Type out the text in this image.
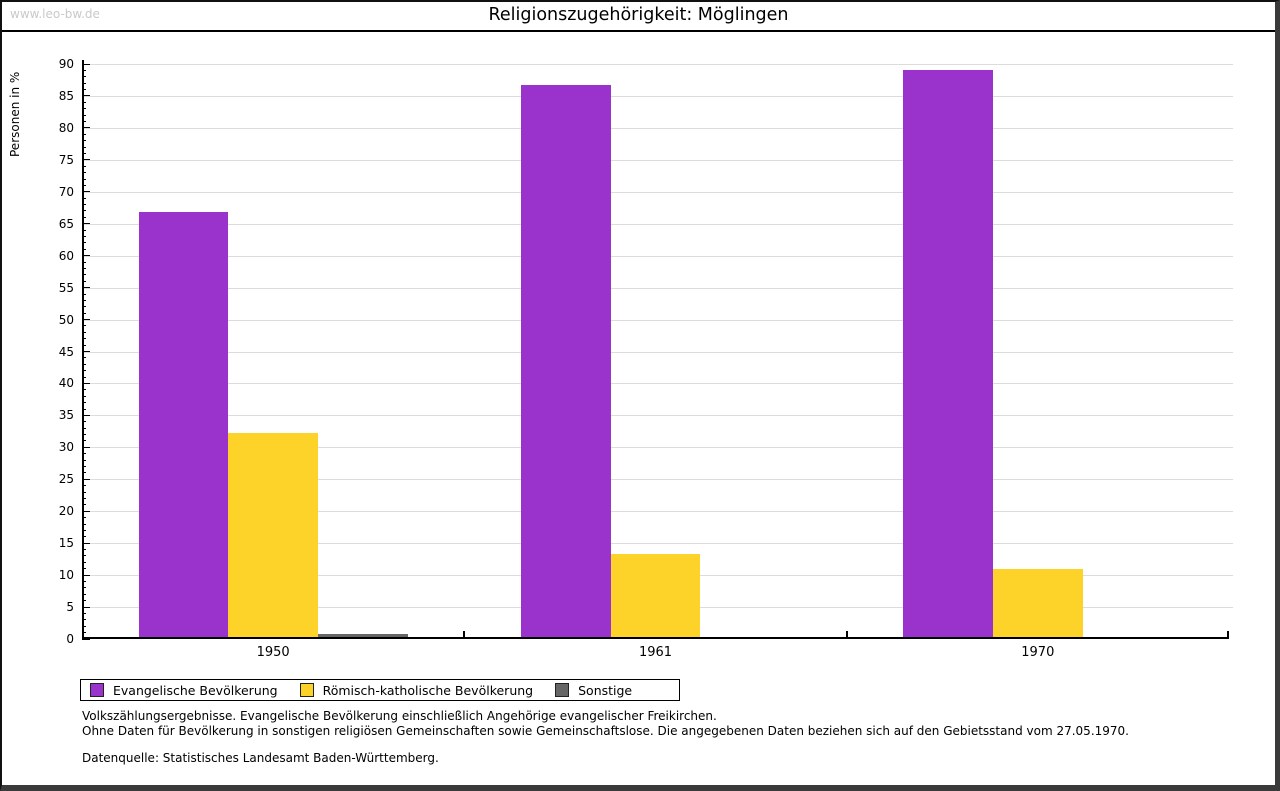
www.leo-bw.de	Religionszugehörigkeit: Möglingen
Personen in %
0
5
10
15
20
25
30
35
40
45
50
55
60
65
70
75
80
85
90
1950	1961	1970
Evangelische Bevölkerung	Römisch-katholische Bevölkerung	Sonstige
Volkszählungsergebnisse. Evangelische Bevölkerung einschließlich Angehörige evangelischer Freikirchen.
Ohne Daten für Bevölkerung in sonstigen religiösen Gemeinschaften sowie Gemeinschaftslose. Die angegebenen Daten beziehen sich auf den Gebietsstand vom 27.05.1970.
Datenquelle: Statistisches Landesamt Baden-Württemberg.
